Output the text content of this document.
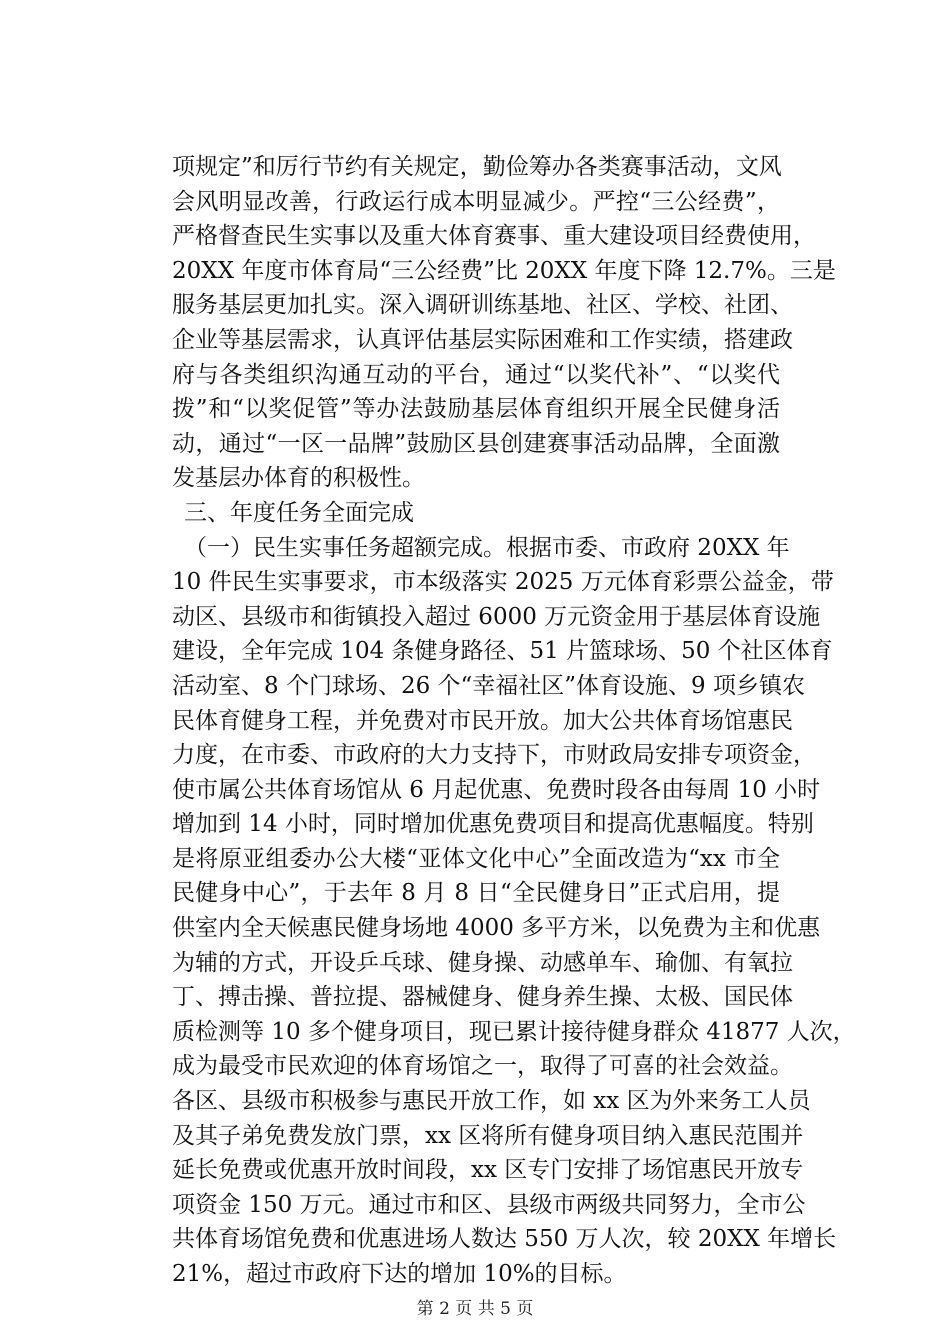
项规定”和厉行节约有关规定，勤俭筹办各类赛事活动，文风
会风明显改善，行政运行成本明显减少。严控“三公经费”，
严格督查民生实事以及重大体育赛事、重大建设项目经费使用，
20XX 年度市体育局“三公经费”比 20XX 年度下降 12.7%。三是
服务基层更加扎实。深入调研训练基地、社区、学校、社团、
企业等基层需求，认真评估基层实际困难和工作实绩，搭建政
府与各类组织沟通互动的平台，通过“以奖代补”、“以奖代
拨”和“以奖促管”等办法鼓励基层体育组织开展全民健身活
动，通过“一区一品牌”鼓励区县创建赛事活动品牌，全面激
发基层办体育的积极性。
三、年度任务全面完成
（一）民生实事任务超额完成。根据市委、市政府 20XX 年
10 件民生实事要求，市本级落实 2025 万元体育彩票公益金，带
动区、县级市和街镇投入超过 6000 万元资金用于基层体育设施
建设，全年完成 104 条健身路径、51 片篮球场、50 个社区体育
活动室、8 个门球场、26 个“幸福社区”体育设施、9 项乡镇农
民体育健身工程，并免费对市民开放。加大公共体育场馆惠民
力度，在市委、市政府的大力支持下，市财政局安排专项资金，
使市属公共体育场馆从 6 月起优惠、免费时段各由每周 10 小时
增加到 14 小时，同时增加优惠免费项目和提高优惠幅度。特别
是将原亚组委办公大楼“亚体文化中心”全面改造为“xx 市全
民健身中心”，于去年 8 月 8 日“全民健身日”正式启用，提
供室内全天候惠民健身场地 4000 多平方米，以免费为主和优惠
为辅的方式，开设乒乓球、健身操、动感单车、瑜伽、有氧拉
丁、搏击操、普拉提、器械健身、健身养生操、太极、国民体
质检测等 10 多个健身项目，现已累计接待健身群众 41877 人次，
成为最受市民欢迎的体育场馆之一，取得了可喜的社会效益。
各区、县级市积极参与惠民开放工作，如 xx 区为外来务工人员
及其子弟免费发放门票，xx 区将所有健身项目纳入惠民范围并
延长免费或优惠开放时间段，xx 区专门安排了场馆惠民开放专
项资金 150 万元。通过市和区、县级市两级共同努力，全市公
共体育场馆免费和优惠进场人数达 550 万人次，较 20XX 年增长
21%，超过市政府下达的增加 10%的目标。
第 2 页 共 5 页
